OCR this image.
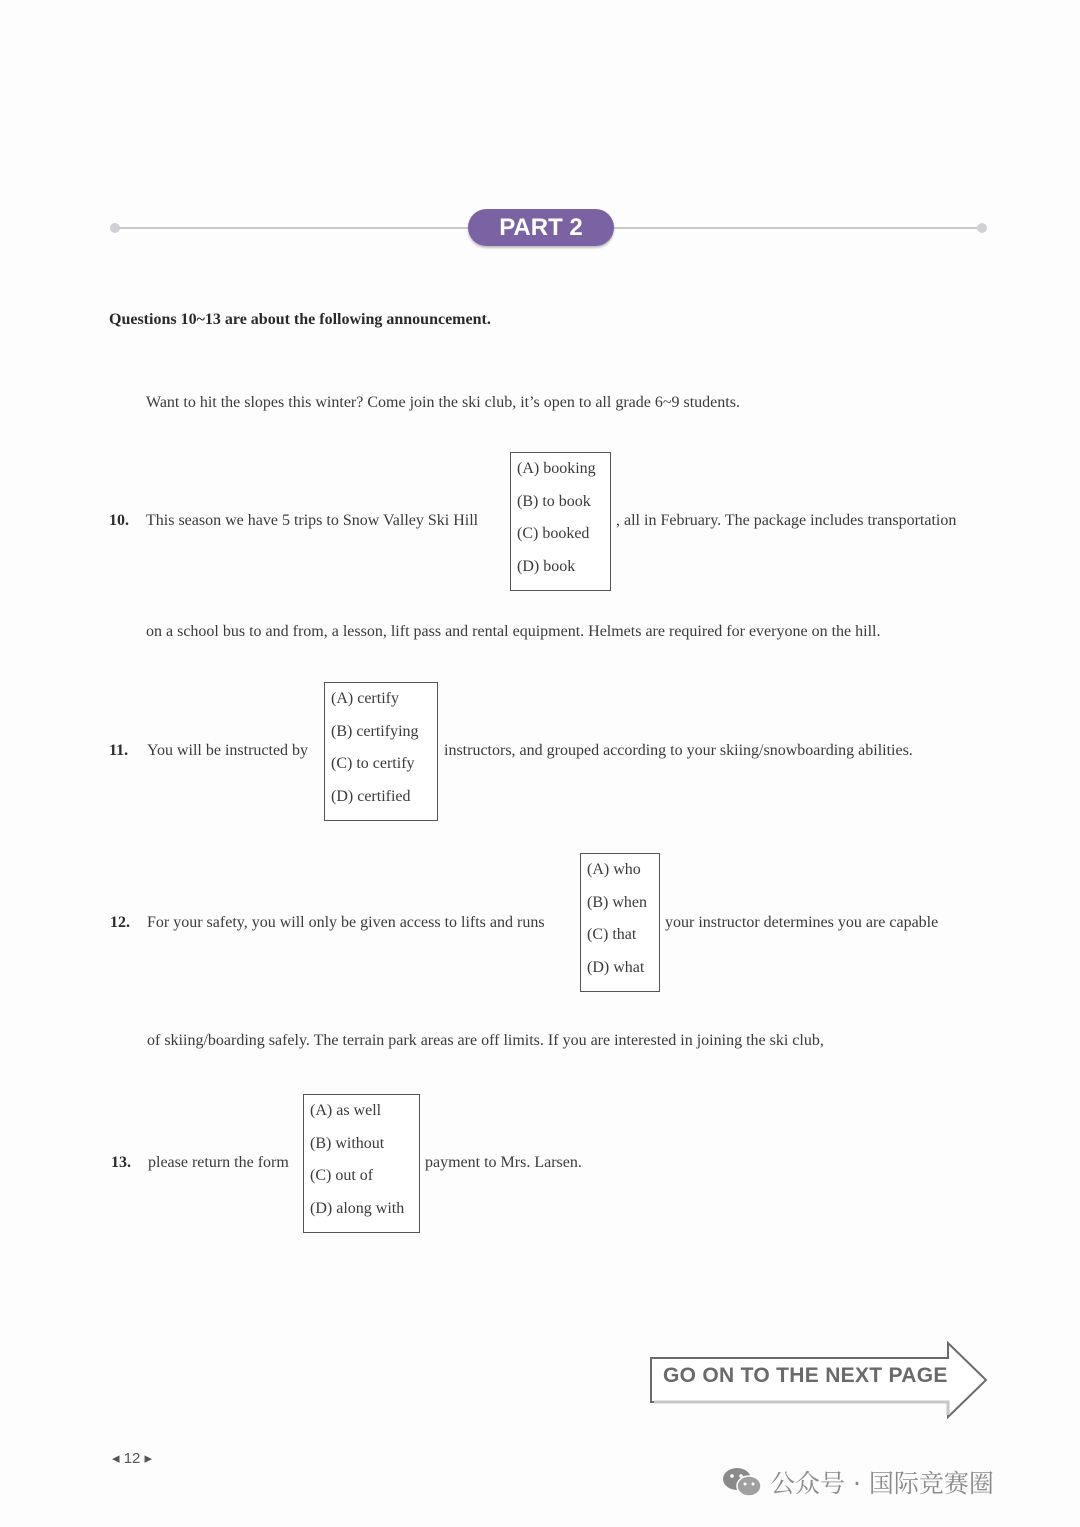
PART 2
Questions 10~13 are about the following announcement.
Want to hit the slopes this winter? Come join the ski club, it’s open to all grade 6~9 students.
10. This season we have 5 trips to Snow Valley Ski Hill
(A) booking
(B) to book
(C) booked
(D) book
, all in February. The package includes transportation
on a school bus to and from, a lesson, lift pass and rental equipment. Helmets are required for everyone on the hill.
11. You will be instructed by
(A) certify
(B) certifying
(C) to certify
(D) certified
instructors, and grouped according to your skiing/snowboarding abilities.
12. For your safety, you will only be given access to lifts and runs
(A) who
(B) when
(C) that
(D) what
your instructor determines you are capable
of skiing/boarding safely. The terrain park areas are off limits. If you are interested in joining the ski club,
13. please return the form
(A) as well
(B) without
(C) out of
(D) along with
payment to Mrs. Larsen.
GO ON TO THE NEXT PAGE
◂ 12 ▸
公众号 · 国际竞赛圈
